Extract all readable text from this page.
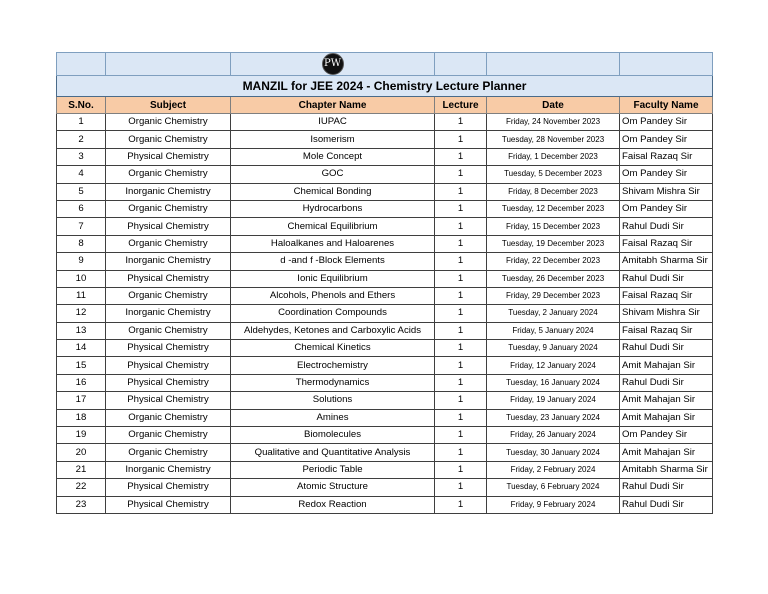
		PW			
MANZIL for JEE 2024 - Chemistry Lecture Planner					
S.No.	Subject	Chapter Name	Lecture	Date	Faculty Name
1	Organic Chemistry	IUPAC	1	Friday, 24 November 2023	Om Pandey Sir
2	Organic Chemistry	Isomerism	1	Tuesday, 28 November 2023	Om Pandey Sir
3	Physical Chemistry	Mole Concept	1	Friday, 1 December 2023	Faisal Razaq Sir
4	Organic Chemistry	GOC	1	Tuesday, 5 December 2023	Om Pandey Sir
5	Inorganic Chemistry	Chemical Bonding	1	Friday, 8 December 2023	Shivam Mishra Sir
6	Organic Chemistry	Hydrocarbons	1	Tuesday, 12 December 2023	Om Pandey Sir
7	Physical Chemistry	Chemical Equilibrium	1	Friday, 15 December 2023	Rahul Dudi Sir
8	Organic Chemistry	Haloalkanes and Haloarenes	1	Tuesday, 19 December 2023	Faisal Razaq Sir
9	Inorganic Chemistry	d -and f -Block Elements	1	Friday, 22 December 2023	Amitabh Sharma Sir
10	Physical Chemistry	Ionic Equilibrium	1	Tuesday, 26 December 2023	Rahul Dudi Sir
11	Organic Chemistry	Alcohols, Phenols and Ethers	1	Friday, 29 December 2023	Faisal Razaq Sir
12	Inorganic Chemistry	Coordination Compounds	1	Tuesday, 2 January 2024	Shivam Mishra Sir
13	Organic Chemistry	Aldehydes, Ketones and Carboxylic Acids	1	Friday, 5 January 2024	Faisal Razaq Sir
14	Physical Chemistry	Chemical Kinetics	1	Tuesday, 9 January 2024	Rahul Dudi Sir
15	Physical Chemistry	Electrochemistry	1	Friday, 12 January 2024	Amit Mahajan Sir
16	Physical Chemistry	Thermodynamics	1	Tuesday, 16 January 2024	Rahul Dudi Sir
17	Physical Chemistry	Solutions	1	Friday, 19 January 2024	Amit Mahajan Sir
18	Organic Chemistry	Amines	1	Tuesday, 23 January 2024	Amit Mahajan Sir
19	Organic Chemistry	Biomolecules	1	Friday, 26 January 2024	Om Pandey Sir
20	Organic Chemistry	Qualitative and Quantitative Analysis	1	Tuesday, 30 January 2024	Amit Mahajan Sir
21	Inorganic Chemistry	Periodic Table	1	Friday, 2 February 2024	Amitabh Sharma Sir
22	Physical Chemistry	Atomic Structure	1	Tuesday, 6 February 2024	Rahul Dudi Sir
23	Physical Chemistry	Redox Reaction	1	Friday, 9 February 2024	Rahul Dudi Sir
